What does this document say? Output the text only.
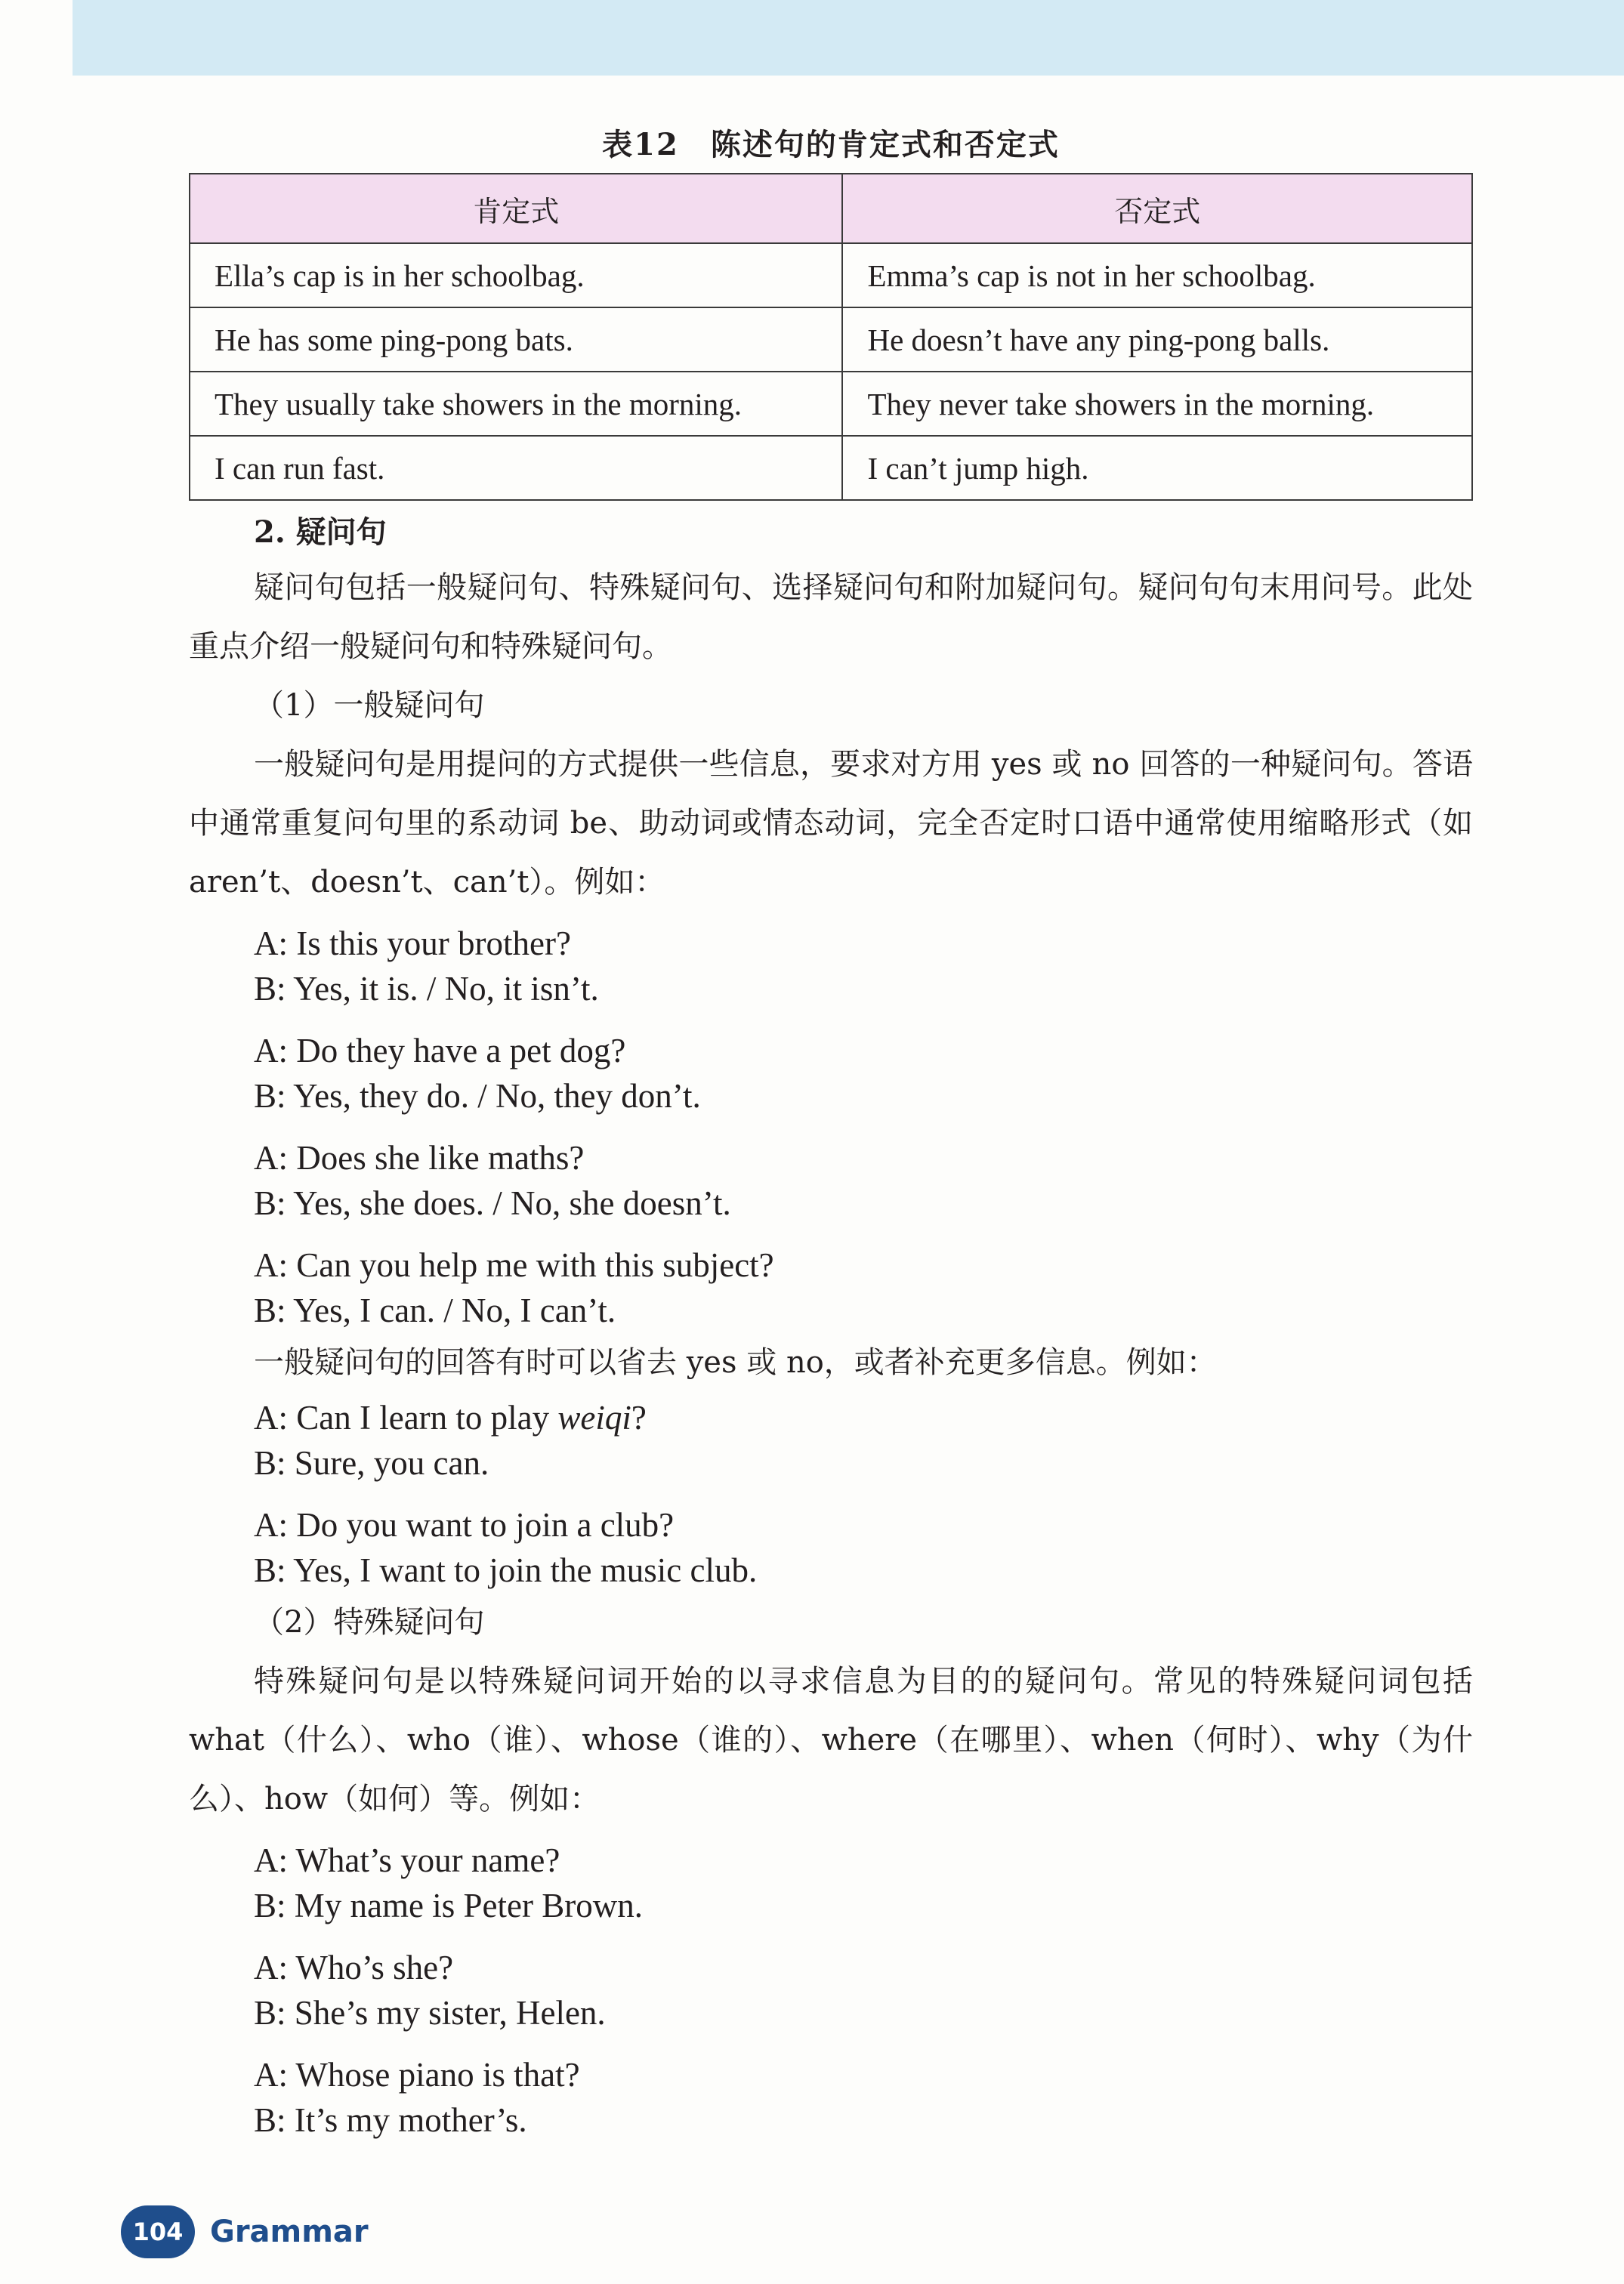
表12　陈述句的肯定式和否定式
肯定式	否定式
Ella’s cap is in her schoolbag.	Emma’s cap is not in her schoolbag.
He has some ping-pong bats.	He doesn’t have any ping-pong balls.
They usually take showers in the morning.	They never take showers in the morning.
I can run fast.	I can’t jump high.
2. 疑问句

疑问句包括一般疑问句、特殊疑问句、选择疑问句和附加疑问句。疑问句句末用问号。此处重点介绍一般疑问句和特殊疑问句。

（1）一般疑问句

一般疑问句是用提问的方式提供一些信息，要求对方用 yes 或 no 回答的一种疑问句。答语中通常重复问句里的系动词 be、助动词或情态动词，完全否定时口语中通常使用缩略形式（如 aren’t、doesn’t、can’t）。例如：

A: Is this your brother?
B: Yes, it is. / No, it isn’t.
A: Do they have a pet dog?
B: Yes, they do. / No, they don’t.
A: Does she like maths?
B: Yes, she does. / No, she doesn’t.
A: Can you help me with this subject?
B: Yes, I can. / No, I can’t.

一般疑问句的回答有时可以省去 yes 或 no，或者补充更多信息。例如：

A: Can I learn to play weiqi?
B: Sure, you can.
A: Do you want to join a club?
B: Yes, I want to join the music club.
（2）特殊疑问句

特殊疑问句是以特殊疑问词开始的以寻求信息为目的的疑问句。常见的特殊疑问词包括 what（什么）、who（谁）、whose（谁的）、where（在哪里）、when（何时）、why（为什么）、how（如何）等。例如：

A: What’s your name?
B: My name is Peter Brown.
A: Who’s she?
B: She’s my sister, Helen.
A: Whose piano is that?
B: It’s my mother’s.
104 Grammar
